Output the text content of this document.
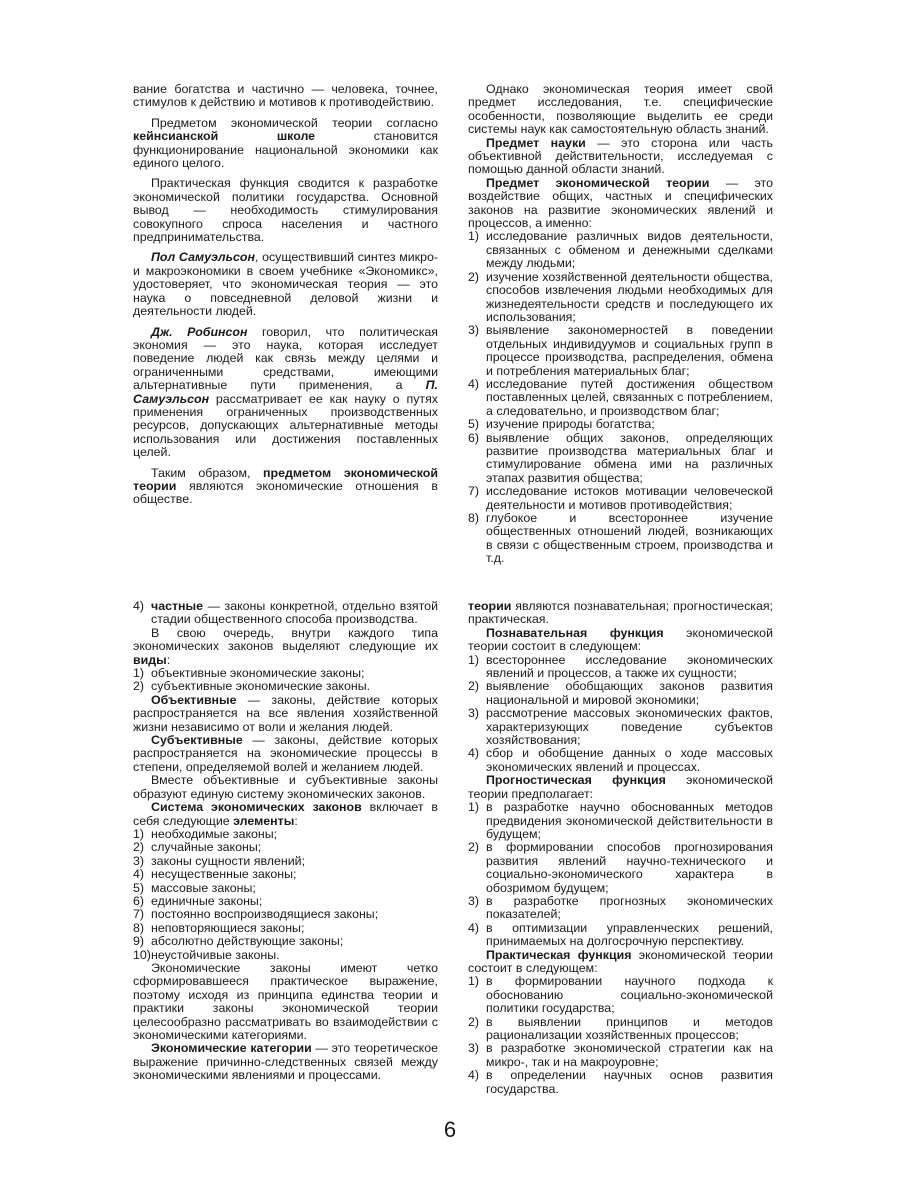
вание богатства и частично — человека, точнее, стимулов к действию и мотивов к противодействию.

Предметом экономической теории согласно кейнсианской школе становится функционирование национальной экономики как единого целого.

Практическая функция сводится к разработке экономической политики государства. Основной вывод — необходимость стимулирования совокупного спроса населения и частного предпринимательства.

Пол Самуэльсон, осуществивший синтез микро- и макроэкономики в своем учебнике «Экономикс», удостоверяет, что экономическая теория — это наука о повседневной деловой жизни и деятельности людей.

Дж. Робинсон говорил, что политическая экономия — это наука, которая исследует поведение людей как связь между целями и ограниченными средствами, имеющими альтернативные пути применения, а П. Самуэльсон рассматривает ее как науку о путях применения ограниченных производственных ресурсов, допускающих альтернативные методы использования или достижения поставленных целей.

Таким образом, предметом экономической теории являются экономические отношения в обществе.

Однако экономическая теория имеет свой предмет исследования, т.е. специфические особенности, позволяющие выделить ее среди системы наук как самостоятельную область знаний.

Предмет науки — это сторона или часть объективной действительности, исследуемая с помощью данной области знаний.

Предмет экономической теории — это воздействие общих, частных и специфических законов на развитие экономических явлений и процессов, а именно:

1) исследование различных видов деятельности, связанных с обменом и денежными сделками между людьми;
2) изучение хозяйственной деятельности общества, способов извлечения людьми необходимых для жизнедеятельности средств и последующего их использования;
3) выявление закономерностей в поведении отдельных индивидуумов и социальных групп в процессе производства, распределения, обмена и потребления материальных благ;
4) исследование путей достижения обществом поставленных целей, связанных с потреблением, а следовательно, и производством благ;
5) изучение природы богатства;
6) выявление общих законов, определяющих развитие производства материальных благ и стимулирование обмена ими на различных этапах развития общества;
7) исследование истоков мотивации человеческой деятельности и мотивов противодействия;
8) глубокое и всестороннее изучение общественных отношений людей, возникающих в связи с общественным строем, производства и т.д.
4) частные — законы конкретной, отдельно взятой стадии общественного способа производства.

В свою очередь, внутри каждого типа экономических законов выделяют следующие их виды:

1) объективные экономические законы;
2) субъективные экономические законы.

Объективные — законы, действие которых распространяется на все явления хозяйственной жизни независимо от воли и желания людей.

Субъективные — законы, действие которых распространяется на экономические процессы в степени, определяемой волей и желанием людей.

Вместе объективные и субъективные законы образуют единую систему экономических законов.

Система экономических законов включает в себя следующие элементы:

1) необходимые законы;
2) случайные законы;
3) законы сущности явлений;
4) несущественные законы;
5) массовые законы;
6) единичные законы;
7) постоянно воспроизводящиеся законы;
8) неповторяющиеся законы;
9) абсолютно действующие законы;
10) неустойчивые законы.

Экономические законы имеют четко сформировавшееся практическое выражение, поэтому исходя из принципа единства теории и практики законы экономической теории целесообразно рассматривать во взаимодействии с экономическими категориями.

Экономические категории — это теоретическое выражение причинно-следственных связей между экономическими явлениями и процессами.

теории являются познавательная; прогностическая; практическая.

Познавательная функция экономической теории состоит в следующем:

1) всестороннее исследование экономических явлений и процессов, а также их сущности;
2) выявление обобщающих законов развития национальной и мировой экономики;
3) рассмотрение массовых экономических фактов, характеризующих поведение субъектов хозяйствования;
4) сбор и обобщение данных о ходе массовых экономических явлений и процессах.

Прогностическая функция экономической теории предполагает:

1) в разработке научно обоснованных методов предвидения экономической действительности в будущем;
2) в формировании способов прогнозирования развития явлений научно-технического и социально-экономического характера в обозримом будущем;
3) в разработке прогнозных экономических показателей;
4) в оптимизации управленческих решений, принимаемых на долгосрочную перспективу.

Практическая функция экономической теории состоит в следующем:

1) в формировании научного подхода к обоснованию социально-экономической политики государства;
2) в выявлении принципов и методов рационализации хозяйственных процессов;
3) в разработке экономической стратегии как на микро-, так и на макроуровне;
4) в определении научных основ развития государства.
6
